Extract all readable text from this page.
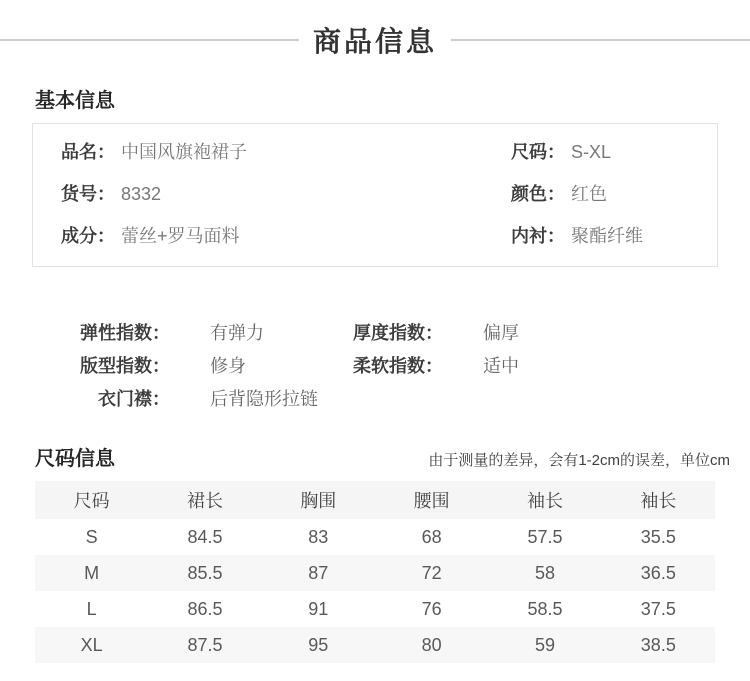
商品信息
基本信息
品名： 中国风旗袍裙子
货号： 8332
成分： 蕾丝+罗马面料
尺码： S-XL
颜色： 红色
内衬： 聚酯纤维
弹性指数： 有弹力
版型指数： 修身
衣门襟： 后背隐形拉链
厚度指数： 偏厚
柔软指数： 适中
尺码信息	由于测量的差异，会有1-2cm的误差，单位cm
尺码	裙长	胸围	腰围	袖长	袖长
S	84.5	83	68	57.5	35.5
M	85.5	87	72	58	36.5
L	86.5	91	76	58.5	37.5
XL	87.5	95	80	59	38.5
